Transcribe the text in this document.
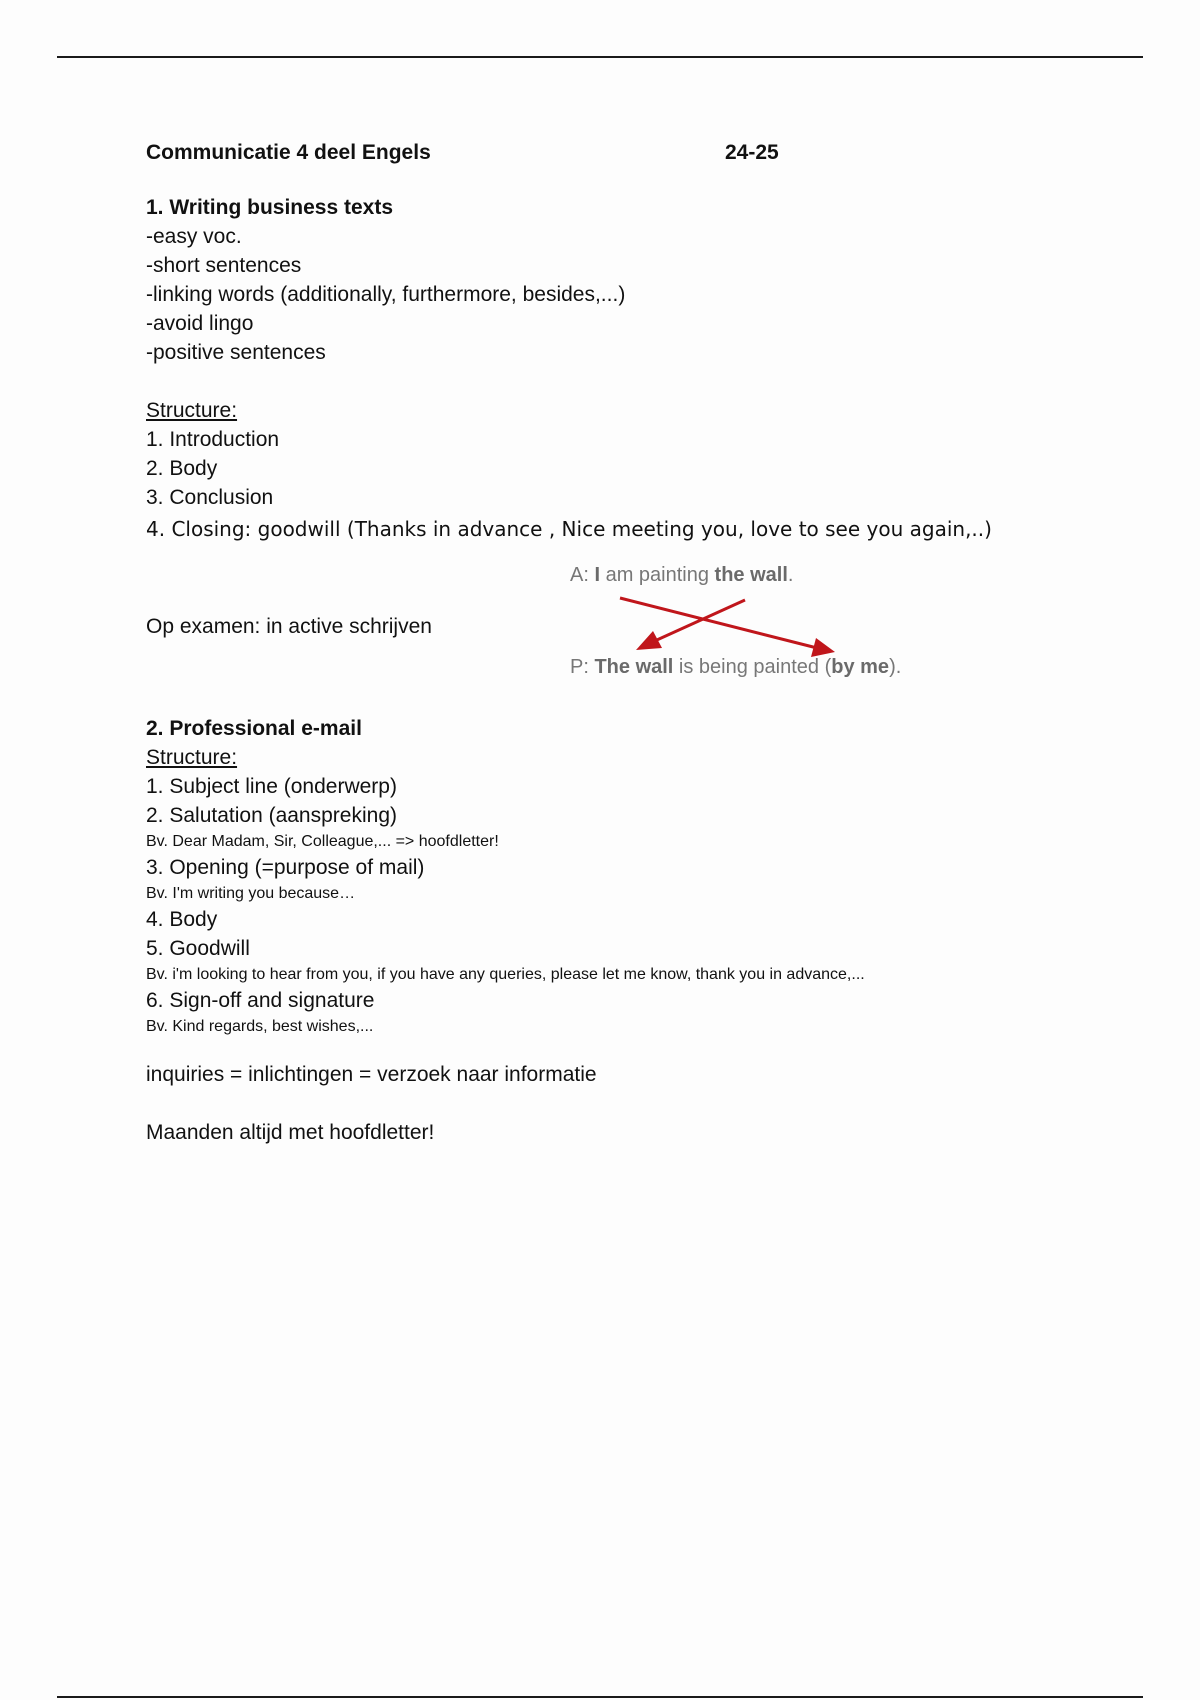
Communicatie 4 deel Engels	24-25
1. Writing business texts
-easy voc.
-short sentences
-linking words (additionally, furthermore, besides,...)
-avoid lingo
-positive sentences
Structure:
1. Introduction
2. Body
3. Conclusion
4. Closing: goodwill (Thanks in advance , Nice meeting you, love to see you again,..)
Op examen: in active schrijven
A: I am painting the wall.
P: The wall is being painted (by me).
2. Professional e-mail
Structure:
1. Subject line (onderwerp)
2. Salutation (aanspreking)
Bv. Dear Madam, Sir, Colleague,... => hoofdletter!
3. Opening (=purpose of mail)
Bv. I'm writing you because…
4. Body
5. Goodwill
Bv. i'm looking to hear from you, if you have any queries, please let me know, thank you in advance,...
6. Sign-off and signature
Bv. Kind regards, best wishes,...
inquiries = inlichtingen = verzoek naar informatie
Maanden altijd met hoofdletter!
